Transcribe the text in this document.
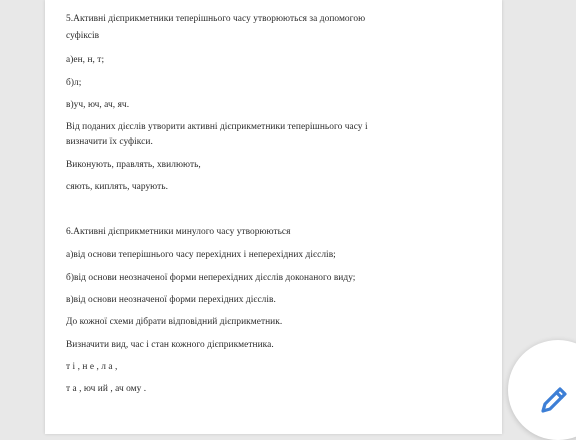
5.Активні дієприкметники теперішнього часу утворюються за допомогою
суфіксів
а)ен, н, т;
б)л;
в)уч, юч, ач, яч.
Від поданих дієслів утворити активні дієприкметники теперішнього часу і
визначити їх суфікси.
Виконують, правлять, хвилюють,
сяють, киплять, чарують.
6.Активні дієприкметники минулого часу утворюються
а)від основи теперішнього часу перехідних і неперехідних дієслів;
б)від основи неозначеної форми неперехідних дієслів доконаного виду;
в)від основи неозначеної форми перехідних дієслів.
До кожної схеми дібрати відповідний дієприкметник.
Визначити вид, час і стан кожного дієприкметника.
т і , н е , л а ,
т а , юч ий , ач ому .
